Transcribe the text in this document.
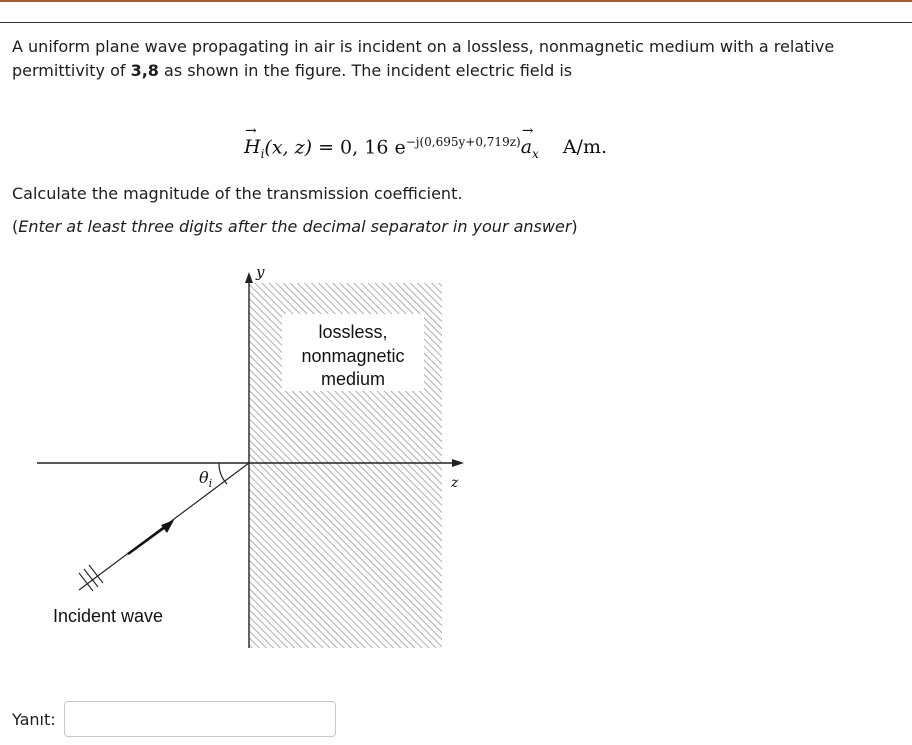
A uniform plane wave propagating in air is incident on a lossless, nonmagnetic medium with a relative

permittivity of 3,8 as shown in the figure. The incident electric field is

→ $H_i(x$, z) = 0, 16 $e^{-j(0,695y+0,719z)}\to a_x$ A/m.
Calculate the magnitude of the transmission coefficient.
(Enter at least three digits after the decimal separator in your answer)
lossless,
nonmagnetic
medium
y
z
$\theta_i$
Incident wave
Yanıt:
